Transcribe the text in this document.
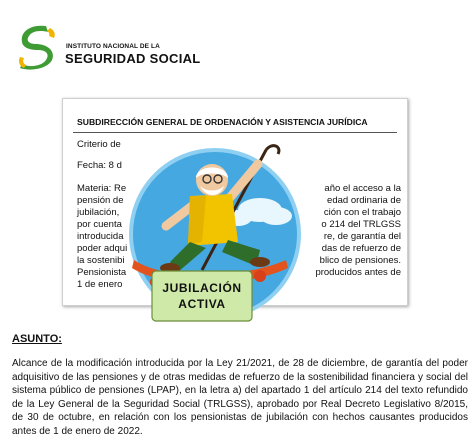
INSTITUTO NACIONAL DE LA
SEGURIDAD SOCIAL
SUBDIRECCIÓN GENERAL DE ORDENACIÓN Y ASISTENCIA JURÍDICA
Criterio de
Fecha: 8 d
Materia: Re
pensión de
jubilación,
por cuenta
introducida
poder adqui
la sostenibi
Pensionista
1 de enero
año el acceso a la
edad ordinaria de
ción con el trabajo
o 214 del TRLGSS
re, de garantía del
das de refuerzo de
blico de pensiones.
producidos antes de
JUBILACIÓN
ACTIVA
ASUNTO:
Alcance de la modificación introducida por la Ley 21/2021, de 28 de diciembre, de garantía del poder adquisitivo de las pensiones y de otras medidas de refuerzo de la sostenibilidad financiera y social del sistema público de pensiones (LPAP), en la letra a) del apartado 1 del artículo 214 del texto refundido de la Ley General de la Seguridad Social (TRLGSS), aprobado por Real Decreto Legislativo 8/2015, de 30 de octubre, en relación con los pensionistas de jubilación con hechos causantes producidos antes de 1 de enero de 2022.
